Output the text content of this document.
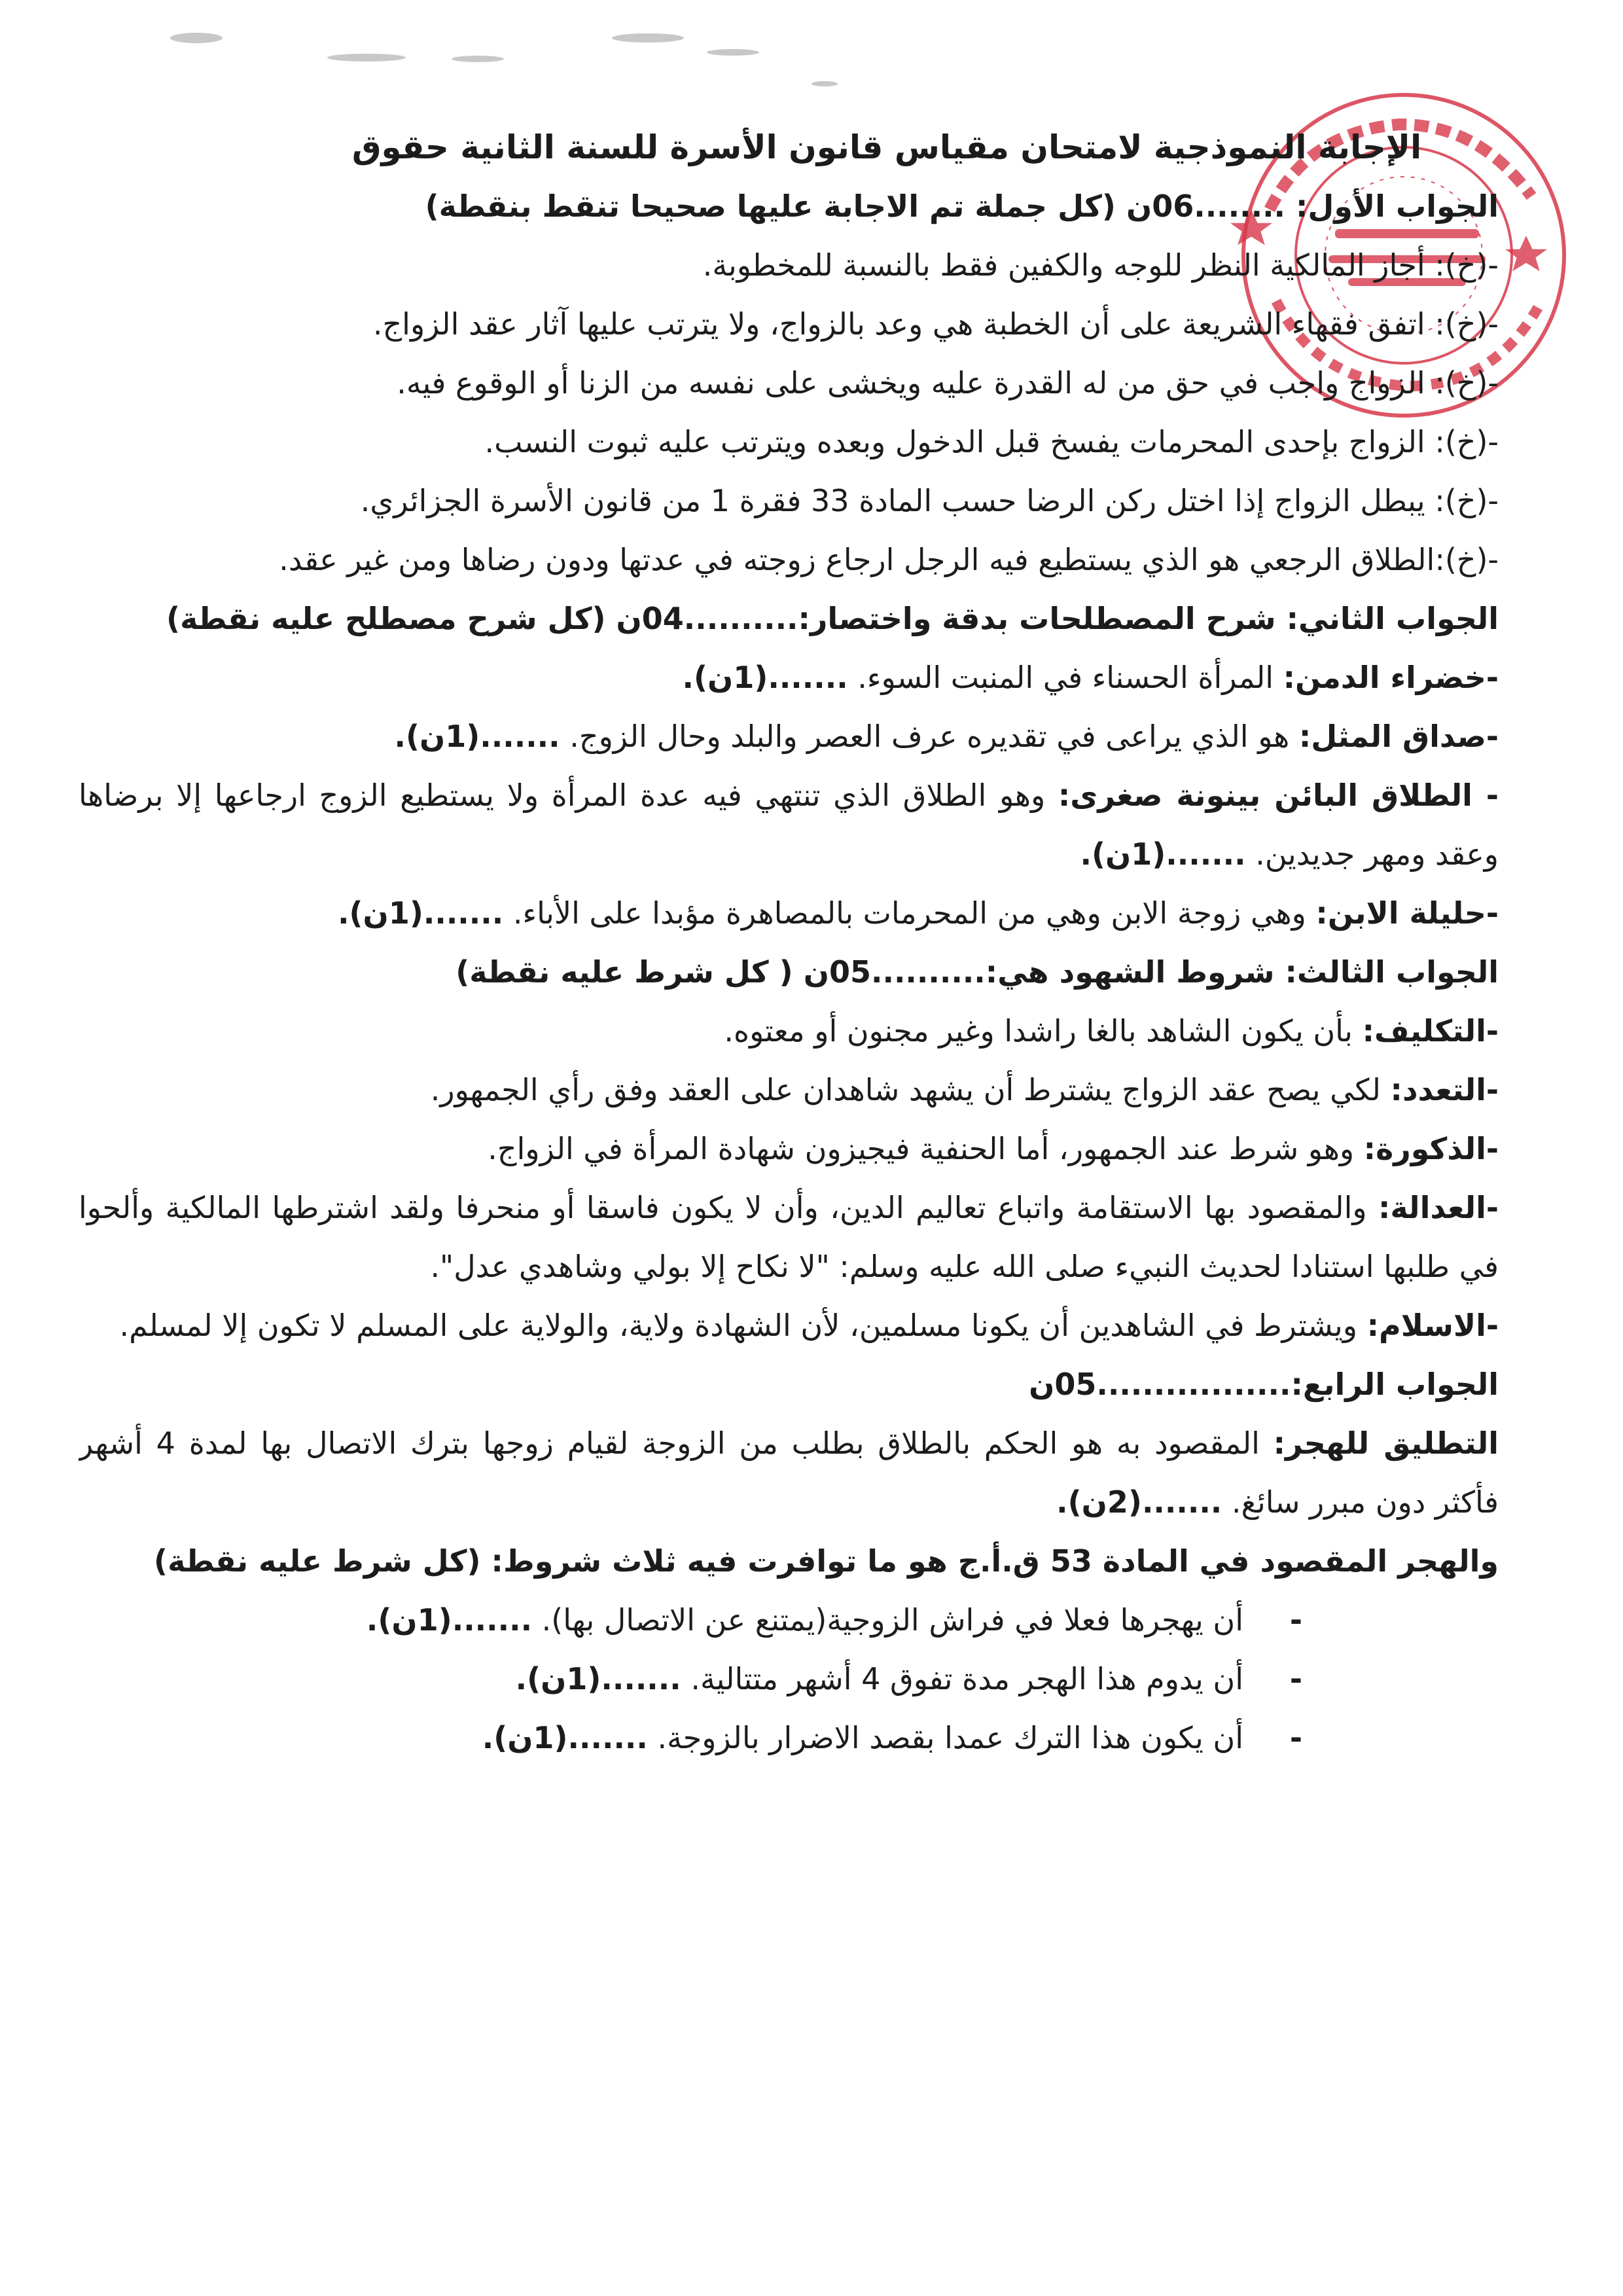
الإجابة النموذجية لامتحان مقياس قانون الأسرة للسنة الثانية حقوق
الجواب الأول: ........06ن (كل جملة تم الاجابة عليها صحيحا تنقط بنقطة)
-(خ): أجاز المالكية النظر للوجه والكفين فقط بالنسبة للمخطوبة.
-(خ): اتفق فقهاء الشريعة على أن الخطبة هي وعد بالزواج، ولا يترتب عليها آثار عقد الزواج.
-(خ): الزواج واجب في حق من له القدرة عليه ويخشى على نفسه من الزنا أو الوقوع فيه.
-(خ): الزواج بإحدى المحرمات يفسخ قبل الدخول وبعده ويترتب عليه ثبوت النسب.
-(خ): يبطل الزواج إذا اختل ركن الرضا حسب المادة 33 فقرة 1 من قانون الأسرة الجزائري.
-(خ):الطلاق الرجعي هو الذي يستطيع فيه الرجل ارجاع زوجته في عدتها ودون رضاها ومن غير عقد.
الجواب الثاني: شرح المصطلحات بدقة واختصار:..........04ن (كل شرح مصطلح عليه نقطة)
-خضراء الدمن: المرأة الحسناء في المنبت السوء. .......(1ن).
-صداق المثل: هو الذي يراعى في تقديره عرف العصر والبلد وحال الزوج. .......(1ن).
- الطلاق البائن بينونة صغرى: وهو الطلاق الذي تنتهي فيه عدة المرأة ولا يستطيع الزوج ارجاعها إلا برضاها وعقد ومهر جديدين. .......(1ن).
-حليلة الابن: وهي زوجة الابن وهي من المحرمات بالمصاهرة مؤبدا على الأباء. .......(1ن).
الجواب الثالث: شروط الشهود هي:..........05ن ( كل شرط عليه نقطة)
-التكليف: بأن يكون الشاهد بالغا راشدا وغير مجنون أو معتوه.
-التعدد: لكي يصح عقد الزواج يشترط أن يشهد شاهدان على العقد وفق رأي الجمهور.
-الذكورة: وهو شرط عند الجمهور، أما الحنفية فيجيزون شهادة المرأة في الزواج.
-العدالة: والمقصود بها الاستقامة واتباع تعاليم الدين، وأن لا يكون فاسقا أو منحرفا ولقد اشترطها المالكية وألحوا في طلبها استنادا لحديث النبيء صلى الله عليه وسلم: "لا نكاح إلا بولي وشاهدي عدل".
-الاسلام: ويشترط في الشاهدين أن يكونا مسلمين، لأن الشهادة ولاية، والولاية على المسلم لا تكون إلا لمسلم.
الجواب الرابع:.................05ن
التطليق للهجر: المقصود به هو الحكم بالطلاق بطلب من الزوجة لقيام زوجها بترك الاتصال بها لمدة 4 أشهر فأكثر دون مبرر سائغ. .......(2ن).
والهجر المقصود في المادة 53 ق.أ.ج هو ما توافرت فيه ثلاث شروط: (كل شرط عليه نقطة)
-
أن يهجرها فعلا في فراش الزوجية(يمتنع عن الاتصال بها). .......(1ن).
-
أن يدوم هذا الهجر مدة تفوق 4 أشهر متتالية. .......(1ن).
-
أن يكون هذا الترك عمدا بقصد الاضرار بالزوجة. .......(1ن).
